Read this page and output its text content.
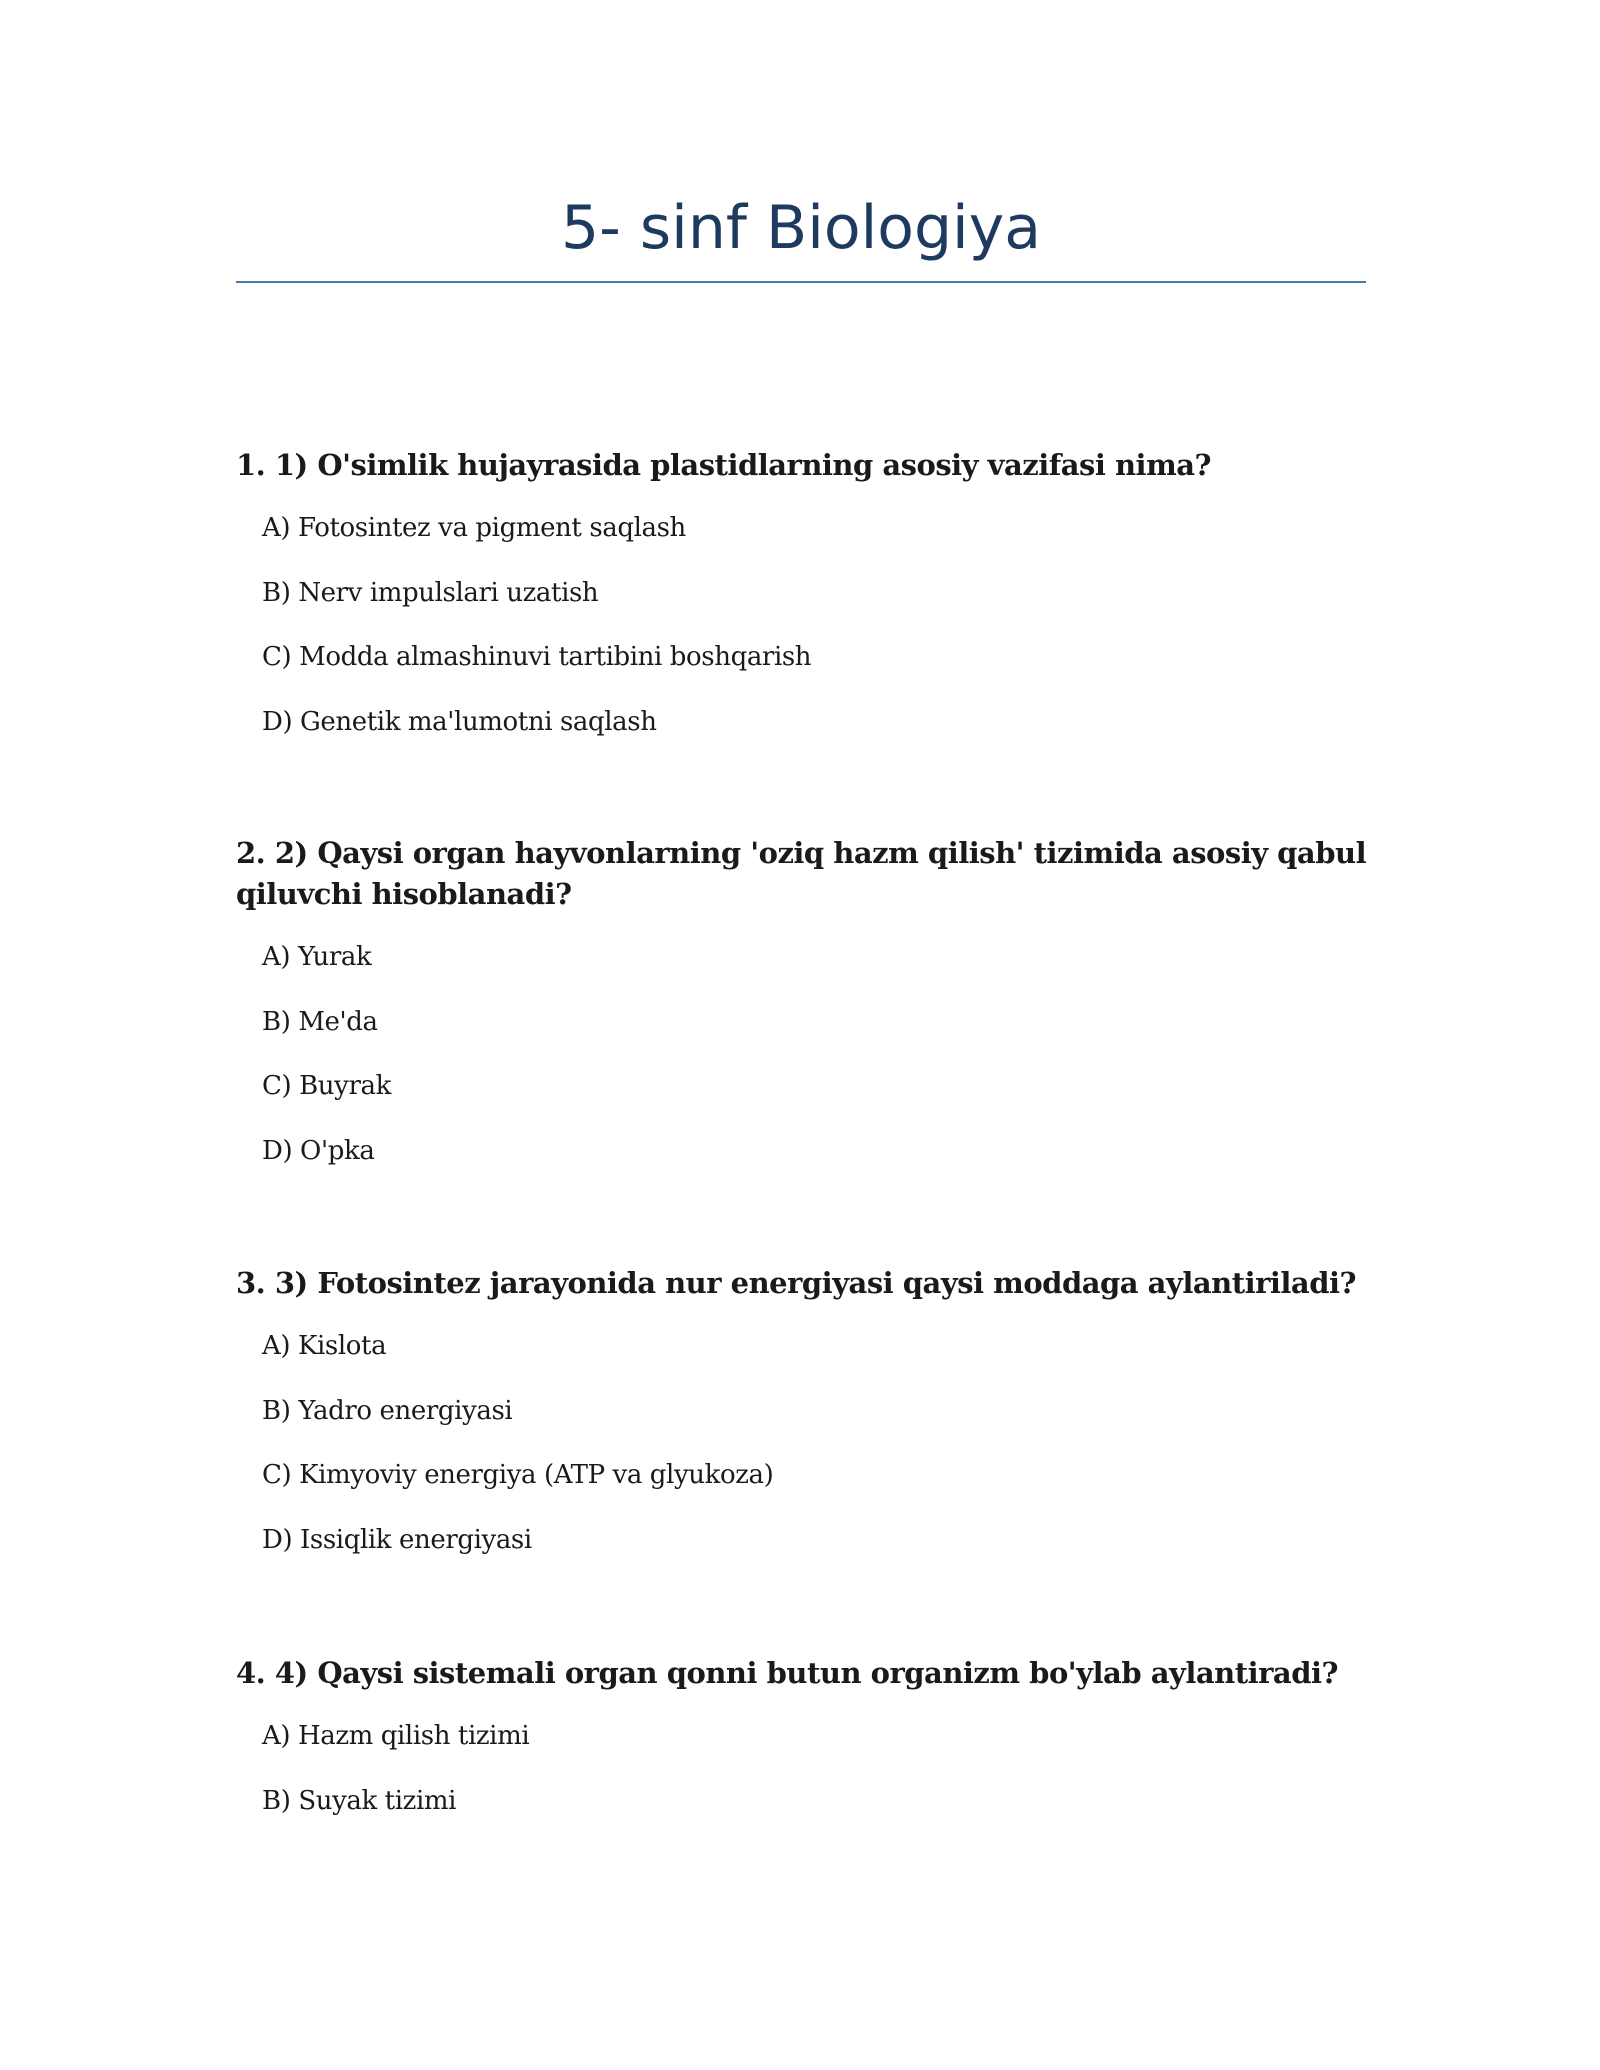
5- sinf Biologiya

1. 1) O'simlik hujayrasida plastidlarning asosiy vazifasi nima?

A) Fotosintez va pigment saqlash
B) Nerv impulslari uzatish
C) Modda almashinuvi tartibini boshqarish
D) Genetik ma'lumotni saqlash

2. 2) Qaysi organ hayvonlarning 'oziq hazm qilish' tizimida asosiy qabul qiluvchi hisoblanadi?

A) Yurak
B) Me'da
C) Buyrak
D) O'pka

3. 3) Fotosintez jarayonida nur energiyasi qaysi moddaga aylantiriladi?

A) Kislota
B) Yadro energiyasi
C) Kimyoviy energiya (ATP va glyukoza)
D) Issiqlik energiyasi

4. 4) Qaysi sistemali organ qonni butun organizm bo'ylab aylantiradi?

A) Hazm qilish tizimi
B) Suyak tizimi
